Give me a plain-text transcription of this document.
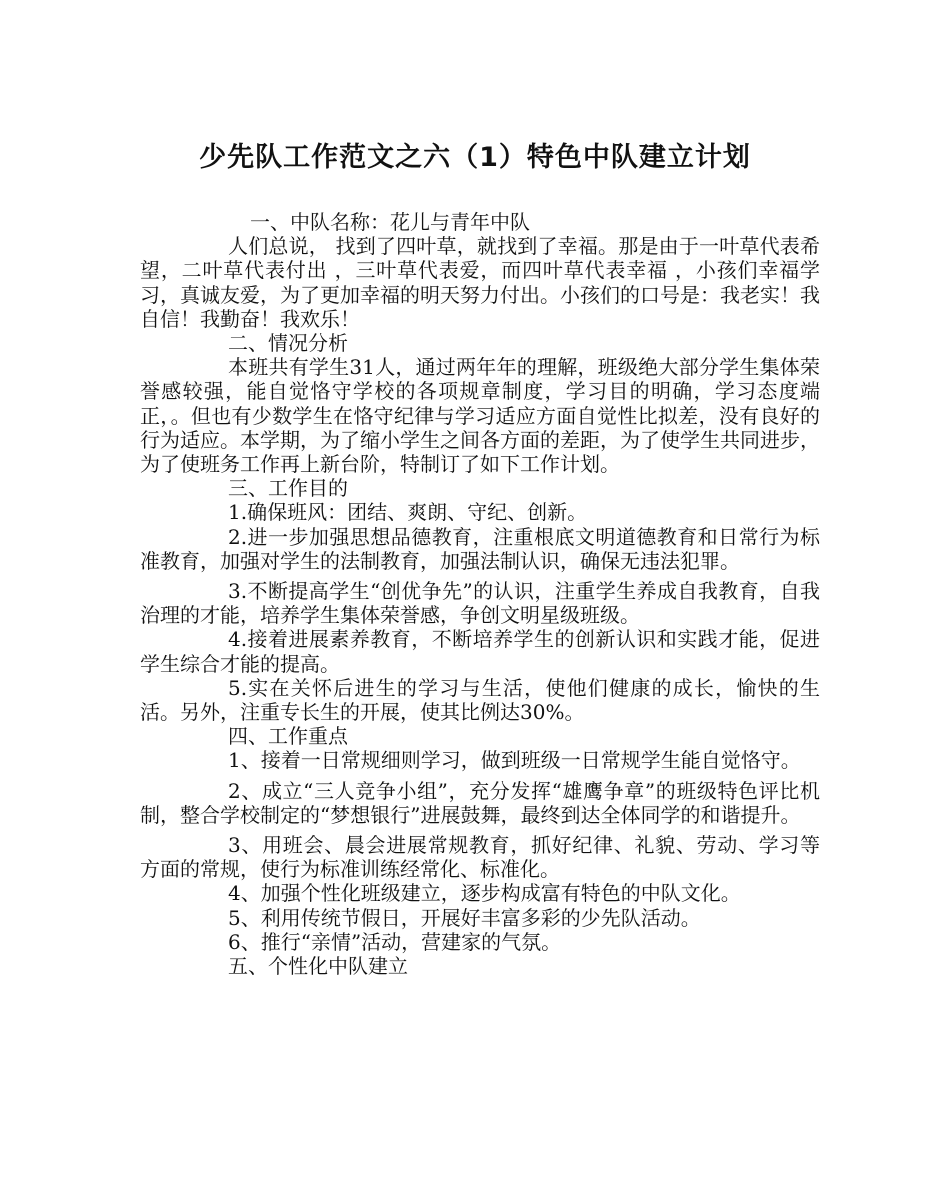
少先队工作范文之六（1）特色中队建立计划

一、中队名称：花儿与青年中队

人们总说， 找到了四叶草，就找到了幸福。那是由于一叶草代表希望，二叶草代表付出 ，三叶草代表爱，而四叶草代表幸福 ，小孩们幸福学习，真诚友爱，为了更加幸福的明天努力付出。小孩们的口号是：我老实！我自信！我勤奋！我欢乐！

二、情况分析

本班共有学生31人，通过两年年的理解，班级绝大部分学生集体荣誉感较强，能自觉恪守学校的各项规章制度，学习目的明确，学习态度端正，。但也有少数学生在恪守纪律与学习适应方面自觉性比拟差，没有良好的行为适应。本学期，为了缩小学生之间各方面的差距，为了使学生共同进步，为了使班务工作再上新台阶，特制订了如下工作计划。

三、工作目的

1.确保班风：团结、爽朗、守纪、创新。

2.进一步加强思想品德教育，注重根底文明道德教育和日常行为标准教育，加强对学生的法制教育，加强法制认识，确保无违法犯罪。

3.不断提高学生“创优争先”的认识，注重学生养成自我教育，自我治理的才能，培养学生集体荣誉感，争创文明星级班级。

4.接着进展素养教育，不断培养学生的创新认识和实践才能，促进学生综合才能的提高。

5.实在关怀后进生的学习与生活，使他们健康的成长，愉快的生活。另外，注重专长生的开展，使其比例达30%。

四、工作重点

1、接着一日常规细则学习，做到班级一日常规学生能自觉恪守。

2、成立“三人竞争小组”，充分发挥“雄鹰争章”的班级特色评比机制，整合学校制定的“梦想银行”进展鼓舞，最终到达全体同学的和谐提升。

3、用班会、晨会进展常规教育，抓好纪律、礼貌、劳动、学习等方面的常规，使行为标准训练经常化、标准化。

4、加强个性化班级建立，逐步构成富有特色的中队文化。

5、利用传统节假日，开展好丰富多彩的少先队活动。

6、推行“亲情”活动，营建家的气氛。

五、个性化中队建立
